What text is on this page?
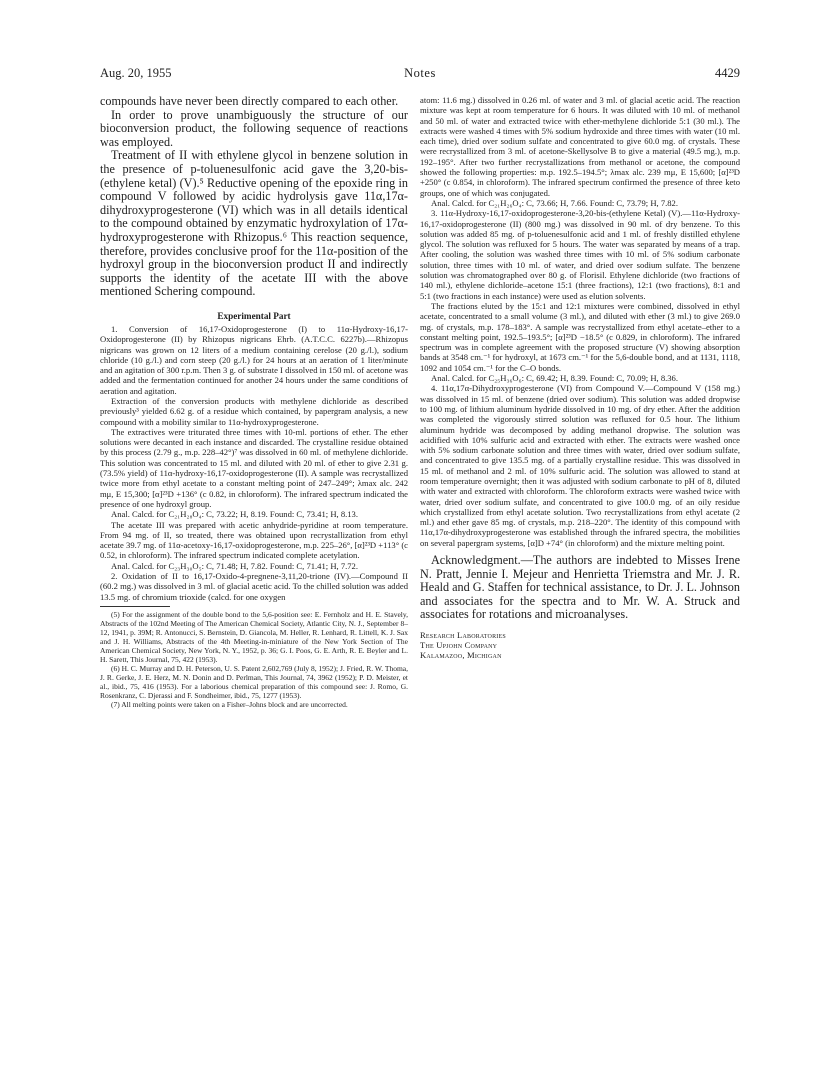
Aug. 20, 1955	Notes	4429

compounds have never been directly compared to each other.

In order to prove unambiguously the structure of our bioconversion product, the following sequence of reactions was employed.

Treatment of II with ethylene glycol in benzene solution in the presence of p-toluenesulfonic acid gave the 3,20-bis-(ethylene ketal) (V).⁵ Reductive opening of the epoxide ring in compound V followed by acidic hydrolysis gave 11α,17α-dihydroxyprogesterone (VI) which was in all details identical to the compound obtained by enzymatic hydroxylation of 17α-hydroxyprogesterone with Rhizopus.⁶ This reaction sequence, therefore, provides conclusive proof for the 11α-position of the hydroxyl group in the bioconversion product II and indirectly supports the identity of the acetate III with the above mentioned Schering compound.

Experimental Part

1. Conversion of 16,17-Oxidoprogesterone (I) to 11α-Hydroxy-16,17-Oxidoprogesterone (II) by Rhizopus nigricans Ehrb. (A.T.C.C. 6227b).—Rhizopus nigricans was grown on 12 liters of a medium containing cerelose (20 g./l.), sodium chloride (10 g./l.) and corn steep (20 g./l.) for 24 hours at an aeration of 1 liter/minute and an agitation of 300 r.p.m. Then 3 g. of substrate I dissolved in 150 ml. of acetone was added and the fermentation continued for another 24 hours under the same conditions of aeration and agitation.

Extraction of the conversion products with methylene dichloride as described previously³ yielded 6.62 g. of a residue which contained, by papergram analysis, a new compound with a mobility similar to 11α-hydroxyprogesterone.

The extractives were triturated three times with 10-ml. portions of ether. The ether solutions were decanted in each instance and discarded. The crystalline residue obtained by this process (2.79 g., m.p. 228–42°)⁷ was dissolved in 60 ml. of methylene dichloride. This solution was concentrated to 15 ml. and diluted with 20 ml. of ether to give 2.31 g. (73.5% yield) of 11α-hydroxy-16,17-oxidoprogesterone (II). A sample was recrystallized twice more from ethyl acetate to a constant melting point of 247–249°; λmax alc. 242 mμ, E 15,300; [α]²³D +136° (c 0.82, in chloroform). The infrared spectrum indicated the presence of one hydroxyl group.

Anal. Calcd. for C₂₁H₂₈O₄: C, 73.22; H, 8.19. Found: C, 73.41; H, 8.13.

The acetate III was prepared with acetic anhydride-pyridine at room temperature. From 94 mg. of II, so treated, there was obtained upon recrystallization from ethyl acetate 39.7 mg. of 11α-acetoxy-16,17-oxidoprogesterone, m.p. 225–26°, [α]²³D +113° (c 0.52, in chloroform). The infrared spectrum indicated complete acetylation.

Anal. Calcd. for C₂₃H₃₀O₅: C, 71.48; H, 7.82. Found: C, 71.41; H, 7.72.

2. Oxidation of II to 16,17-Oxido-4-pregnene-3,11,20-trione (IV).—Compound II (60.2 mg.) was dissolved in 3 ml. of glacial acetic acid. To the chilled solution was added 13.5 mg. of chromium trioxide (calcd. for one oxygen

(5) For the assignment of the double bond to the 5,6-position see: E. Fernholz and H. E. Stavely, Abstracts of the 102nd Meeting of The American Chemical Society, Atlantic City, N. J., September 8–12, 1941, p. 39M; R. Antonucci, S. Bernstein, D. Giancola, M. Heller, R. Lenhard, R. Littell, K. J. Sax and J. H. Williams, Abstracts of the 4th Meeting-in-miniature of the New York Section of The American Chemical Society, New York, N. Y., 1952, p. 36; G. I. Poos, G. E. Arth, R. E. Beyler and L. H. Sarett, This Journal, 75, 422 (1953).

(6) H. C. Murray and D. H. Peterson, U. S. Patent 2,602,769 (July 8, 1952); J. Fried, R. W. Thoma, J. R. Gerke, J. E. Herz, M. N. Donin and D. Perlman, This Journal, 74, 3962 (1952); P. D. Meister, et al., ibid., 75, 416 (1953). For a laborious chemical preparation of this compound see: J. Romo, G. Rosenkranz, C. Djerassi and F. Sondheimer, ibid., 75, 1277 (1953).

(7) All melting points were taken on a Fisher–Johns block and are uncorrected.

atom: 11.6 mg.) dissolved in 0.26 ml. of water and 3 ml. of glacial acetic acid. The reaction mixture was kept at room temperature for 6 hours. It was diluted with 10 ml. of methanol and 50 ml. of water and extracted twice with ether-methylene dichloride 5:1 (30 ml.). The extracts were washed 4 times with 5% sodium hydroxide and three times with water (10 ml. each time), dried over sodium sulfate and concentrated to give 60.0 mg. of crystals. These were recrystallized from 3 ml. of acetone-Skellysolve B to give a material (49.5 mg.), m.p. 192–195°. After two further recrystallizations from methanol or acetone, the compound showed the following properties: m.p. 192.5–194.5°; λmax alc. 239 mμ, E 15,600; [α]²³D +250° (c 0.854, in chloroform). The infrared spectrum confirmed the presence of three keto groups, one of which was conjugated.

Anal. Calcd. for C₂₁H₂₆O₄: C, 73.66; H, 7.66. Found: C, 73.79; H, 7.82.

3. 11α-Hydroxy-16,17-oxidoprogesterone-3,20-bis-(ethylene Ketal) (V).—11α-Hydroxy-16,17-oxidoprogesterone (II) (800 mg.) was dissolved in 90 ml. of dry benzene. To this solution was added 85 mg. of p-toluenesulfonic acid and 1 ml. of freshly distilled ethylene glycol. The solution was refluxed for 5 hours. The water was separated by means of a trap. After cooling, the solution was washed three times with 10 ml. of 5% sodium carbonate solution, three times with 10 ml. of water, and dried over sodium sulfate. The benzene solution was chromatographed over 80 g. of Florisil. Ethylene dichloride (two fractions of 140 ml.), ethylene dichloride–acetone 15:1 (three fractions), 12:1 (two fractions), 8:1 and 5:1 (two fractions in each instance) were used as elution solvents.

The fractions eluted by the 15:1 and 12:1 mixtures were combined, dissolved in ethyl acetate, concentrated to a small volume (3 ml.), and diluted with ether (3 ml.) to give 269.0 mg. of crystals, m.p. 178–183°. A sample was recrystallized from ethyl acetate–ether to a constant melting point, 192.5–193.5°; [α]²³D −18.5° (c 0.829, in chloroform). The infrared spectrum was in complete agreement with the proposed structure (V) showing absorption bands at 3548 cm.⁻¹ for hydroxyl, at 1673 cm.⁻¹ for the 5,6-double bond, and at 1131, 1118, 1092 and 1054 cm.⁻¹ for the C–O bonds.

Anal. Calcd. for C₂₅H₃₆O₆: C, 69.42; H, 8.39. Found: C, 70.09; H, 8.36.

4. 11α,17α-Dihydroxyprogesterone (VI) from Compound V.—Compound V (158 mg.) was dissolved in 15 ml. of benzene (dried over sodium). This solution was added dropwise to 100 mg. of lithium aluminum hydride dissolved in 10 mg. of dry ether. After the addition was completed the vigorously stirred solution was refluxed for 0.5 hour. The lithium aluminum hydride was decomposed by adding methanol dropwise. The solution was acidified with 10% sulfuric acid and extracted with ether. The extracts were washed once with 5% sodium carbonate solution and three times with water, dried over sodium sulfate, and concentrated to give 135.5 mg. of a partially crystalline residue. This was dissolved in 15 ml. of methanol and 2 ml. of 10% sulfuric acid. The solution was allowed to stand at room temperature overnight; then it was adjusted with sodium carbonate to pH of 8, diluted with water and extracted with chloroform. The chloroform extracts were washed twice with water, dried over sodium sulfate, and concentrated to give 100.0 mg. of an oily residue which crystallized from ethyl acetate solution. Two recrystallizations from ethyl acetate (2 ml.) and ether gave 85 mg. of crystals, m.p. 218–220°. The identity of this compound with 11α,17α-dihydroxyprogesterone was established through the infrared spectra, the mobilities on several papergram systems, [α]D +74° (in chloroform) and the mixture melting point.

Acknowledgment.—The authors are indebted to Misses Irene N. Pratt, Jennie I. Mejeur and Henrietta Triemstra and Mr. J. R. Heald and G. Staffen for technical assistance, to Dr. J. L. Johnson and associates for the spectra and to Mr. W. A. Struck and associates for rotations and microanalyses.

Research Laboratories
The Upjohn Company
Kalamazoo, Michigan
